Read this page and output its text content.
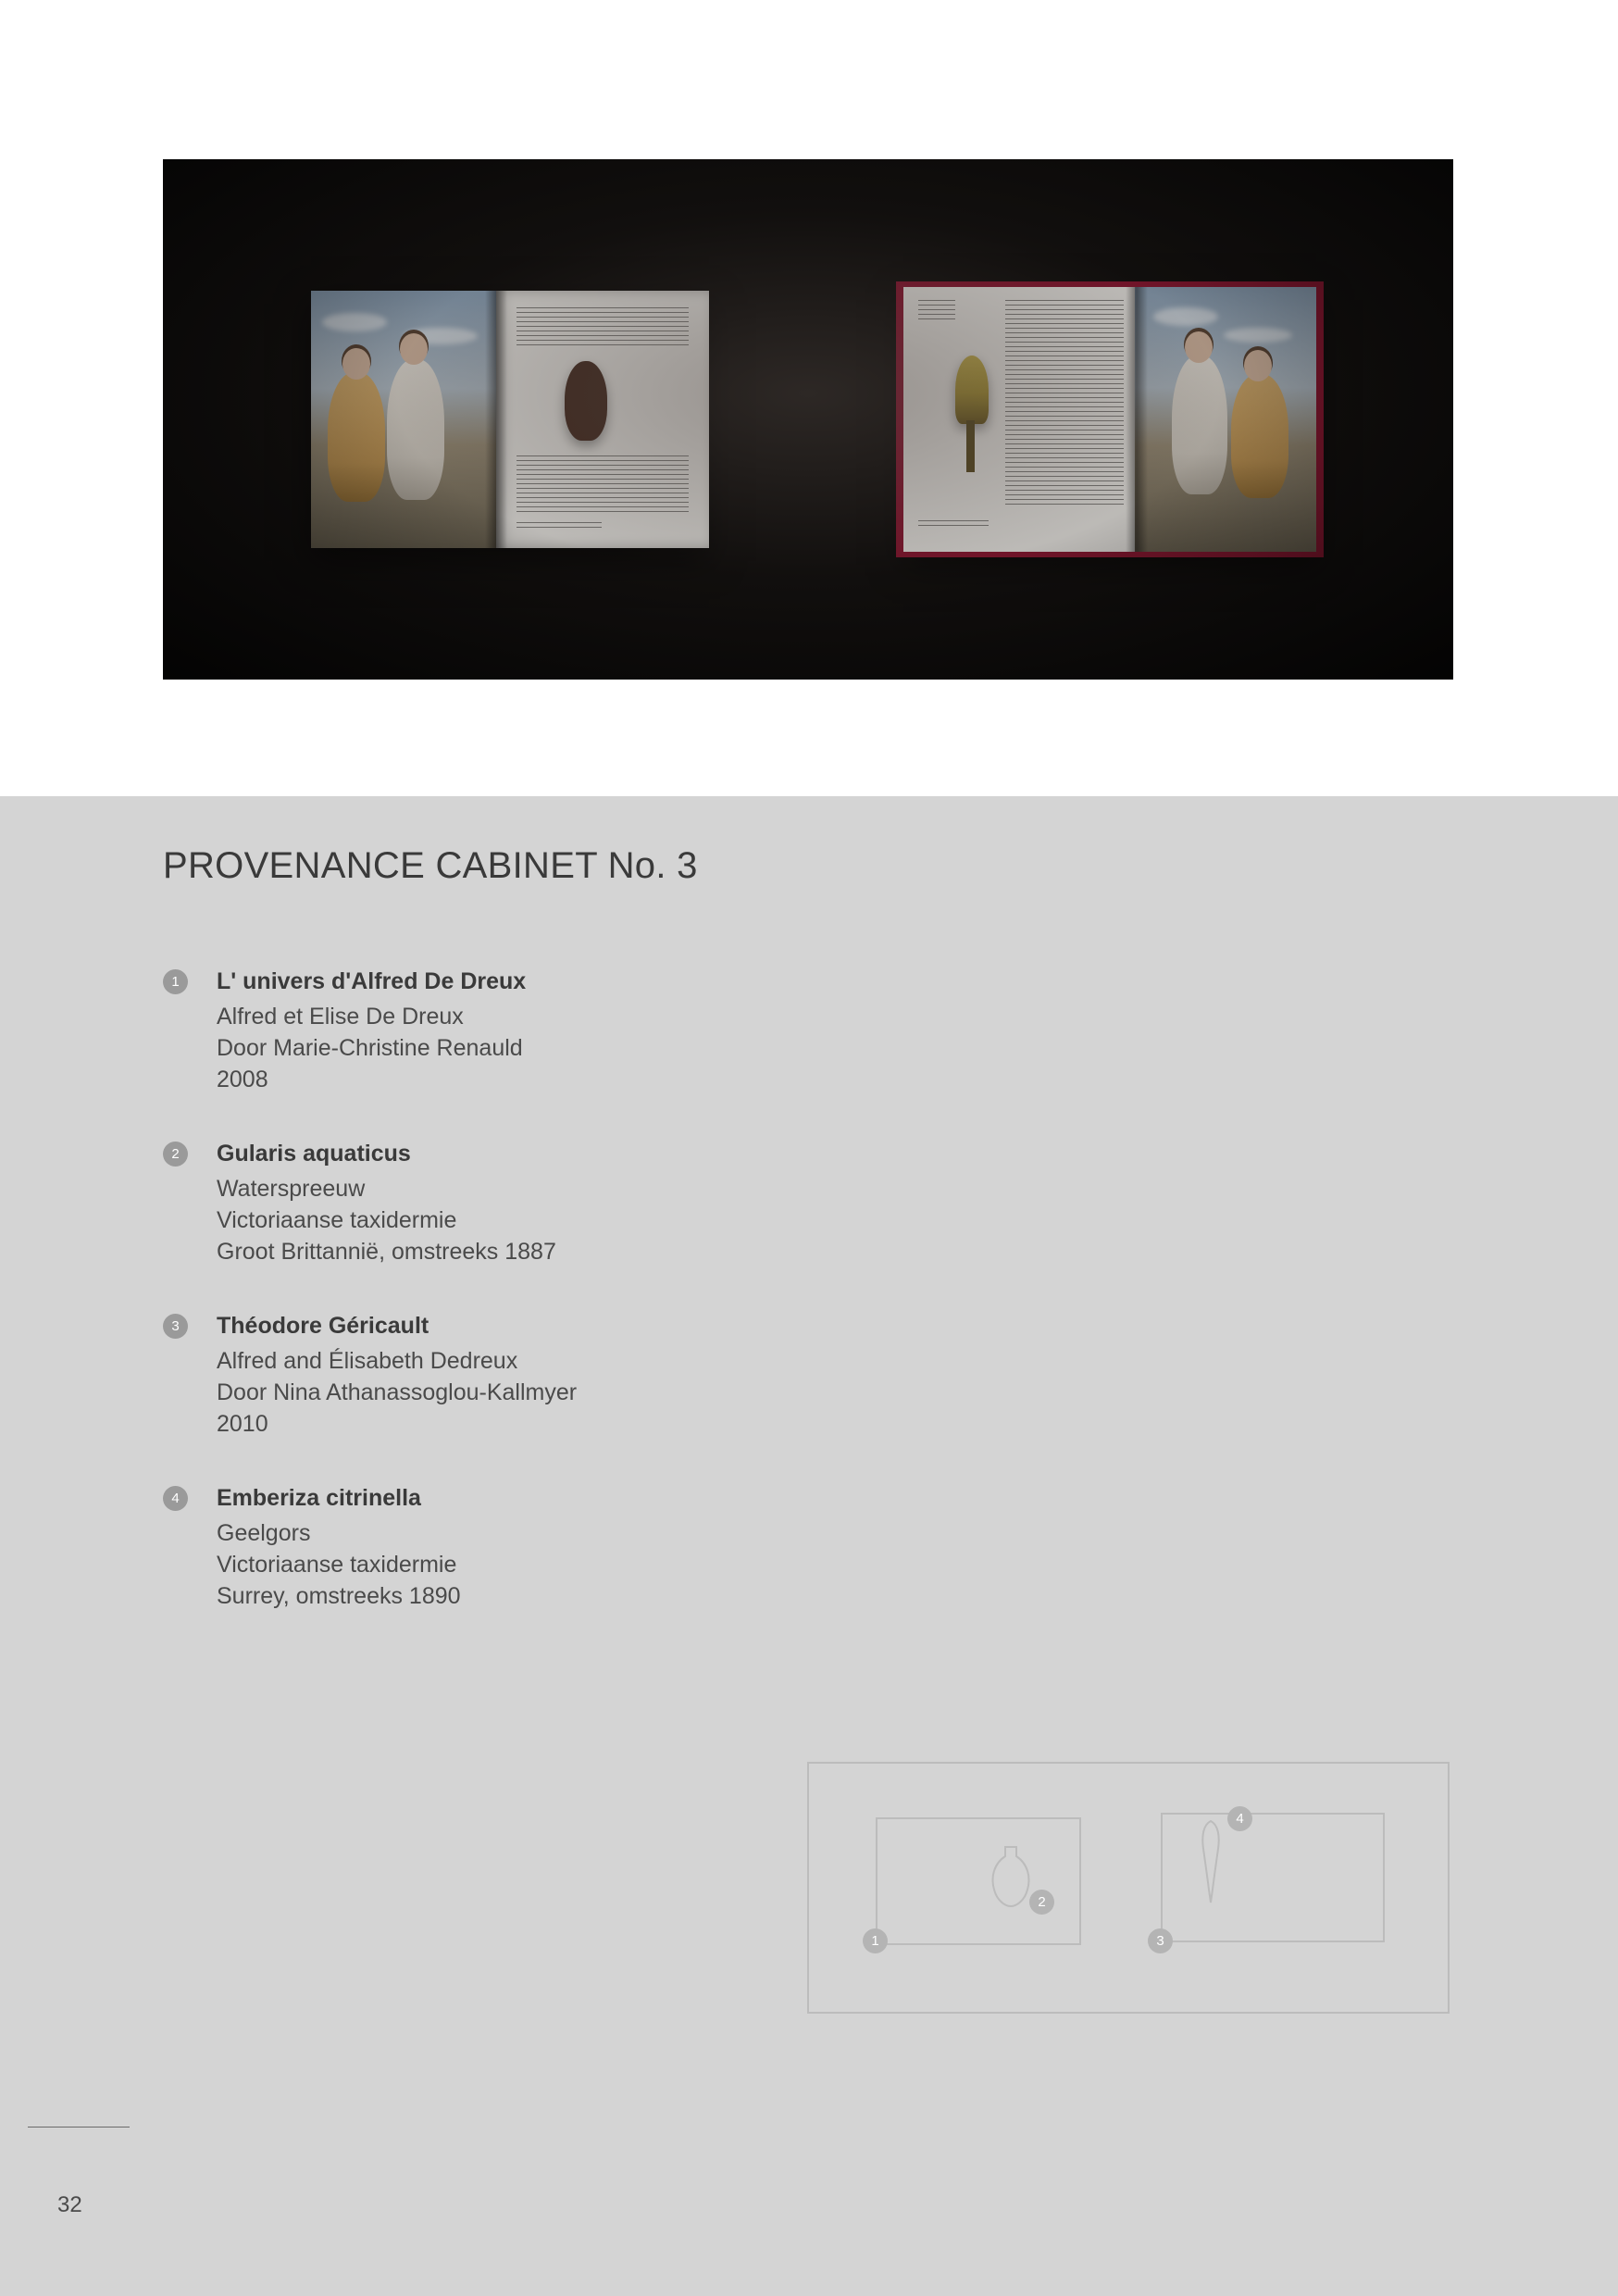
PROVENANCE CABINET No. 3
1	L' univers d'Alfred De Dreux

Alfred et Elise De Dreux

Door Marie-Christine Renauld

2008

2	Gularis aquaticus

Waterspreeuw

Victoriaanse taxidermie

Groot Brittannië, omstreeks 1887

3	Théodore Géricault

Alfred and Élisabeth Dedreux

Door Nina Athanassoglou-Kallmyer

2010

4	Emberiza citrinella

Geelgors

Victoriaanse taxidermie

Surrey, omstreeks 1890

2
4
1	3
32
